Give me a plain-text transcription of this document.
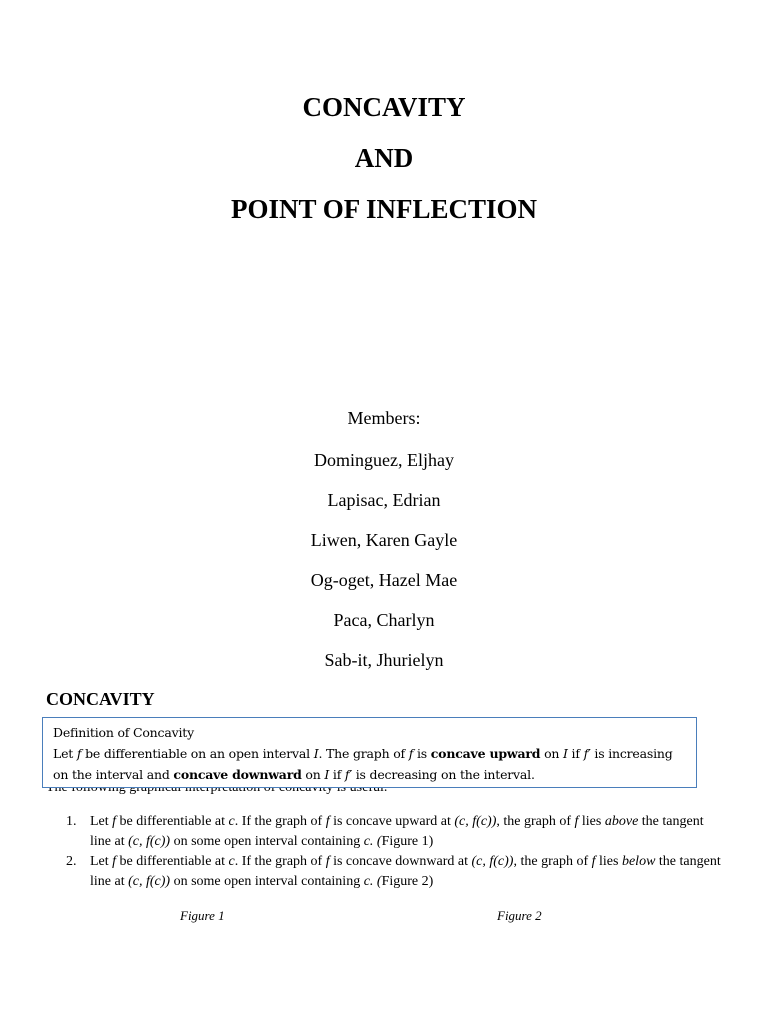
CONCAVITY
AND
POINT OF INFLECTION
Members:
Dominguez, Eljhay
Lapisac, Edrian
Liwen, Karen Gayle
Og-oget, Hazel Mae
Paca, Charlyn
Sab-it, Jhurielyn
CONCAVITY
Definition of Concavity
Let f be differentiable on an open interval I. The graph of f is concave upward on I if f′ is increasing on the interval and concave downward on I if f′ is decreasing on the interval.
1. Let f be differentiable at c. If the graph of f is concave upward at (c, f(c)), the graph of f lies above the tangent line at (c, f(c)) on some open interval containing c. (Figure 1)
2. Let f be differentiable at c. If the graph of f is concave downward at (c, f(c)), the graph of f lies below the tangent line at (c, f(c)) on some open interval containing c. (Figure 2)
Figure 1	Figure 2
